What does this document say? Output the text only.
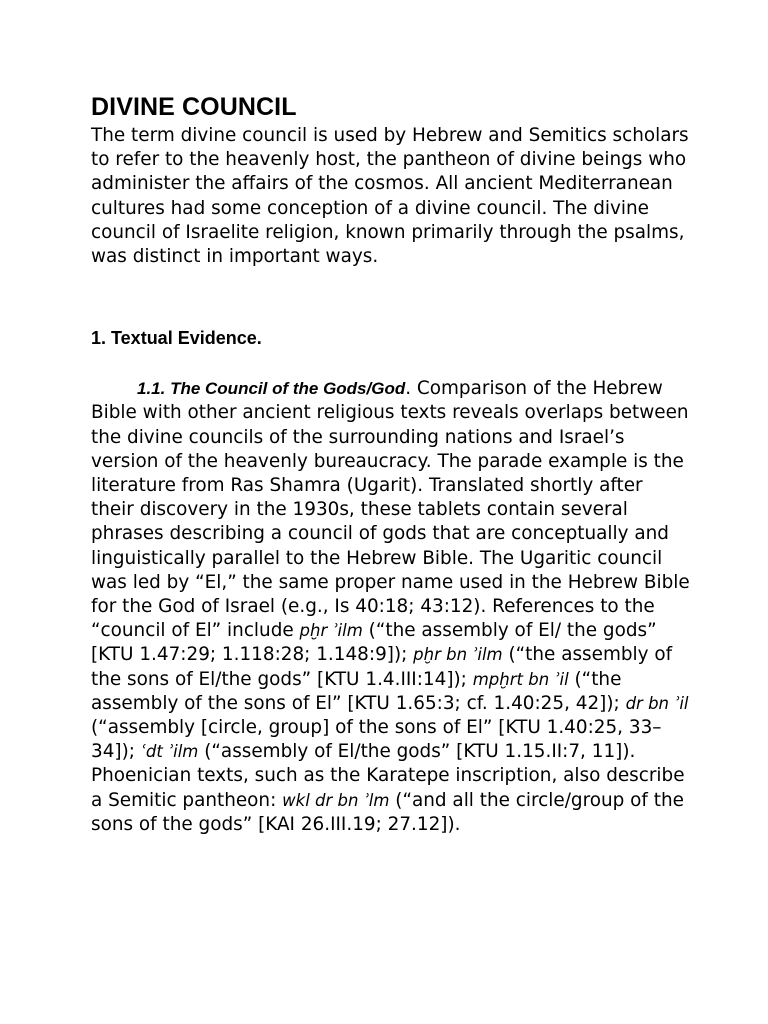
DIVINE COUNCIL

The term divine council is used by Hebrew and Semitics scholars to refer to the heavenly host, the pantheon of divine beings who administer the affairs of the cosmos. All ancient Mediterranean cultures had some conception of a divine council. The divine council of Israelite religion, known primarily through the psalms, was distinct in important ways.

1. Textual Evidence.

1.1. The Council of the Gods/God. Comparison of the Hebrew Bible with other ancient religious texts reveals overlaps between the divine councils of the surrounding nations and Israel’s version of the heavenly bureaucracy. The parade example is the literature from Ras Shamra (Ugarit). Translated shortly after their discovery in the 1930s, these tablets contain several phrases describing a council of gods that are conceptually and linguistically parallel to the Hebrew Bible. The Ugaritic council was led by “El,” the same proper name used in the Hebrew Bible for the God of Israel (e.g., Is 40:18; 43:12). References to the “council of El” include pḫr ʾilm (“the assembly of El/ the gods” [KTU 1.47:29; 1.118:28; 1.148:9]); pḫr bn ʾilm (“the assembly of the sons of El/the gods” [KTU 1.4.III:14]); mpḫrt bn ʾil (“the assembly of the sons of El” [KTU 1.65:3; cf. 1.40:25, 42]); dr bn ʾil (“assembly [circle, group] of the sons of El” [KTU 1.40:25, 33–34]); ʿdt ʾilm (“assembly of El/the gods” [KTU 1.15.II:7, 11]). Phoenician texts, such as the Karatepe inscription, also describe a Semitic pantheon: wkl dr bn ʾlm (“and all the circle/group of the sons of the gods” [KAI 26.III.19; 27.12]).
